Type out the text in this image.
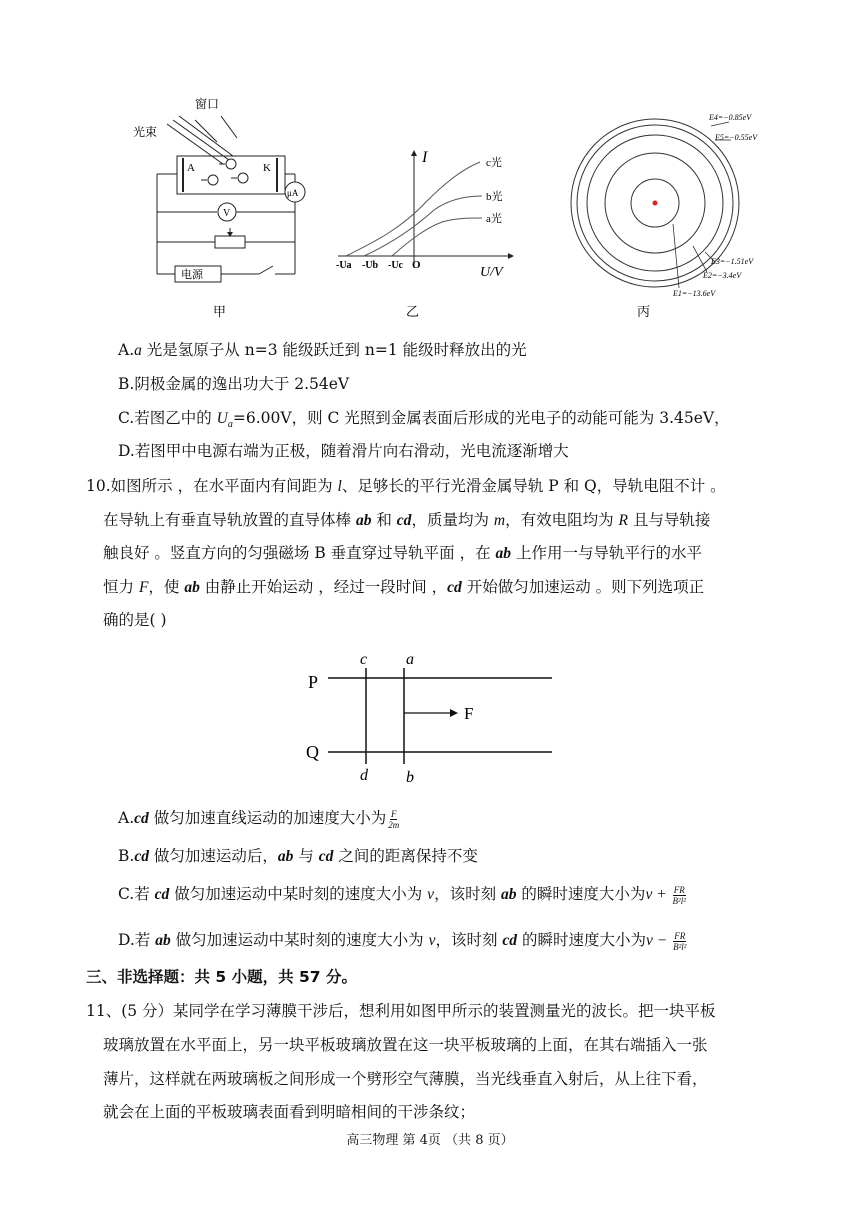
窗口
光束
A	K
μA
V
电源
甲
I
U/V
O
c光
b光
a光
-Ua -Ub -Uc
乙
E4=−0.85eV
E5=−0.55eV
E3=−1.51eV
E2=−3.4eV
E1=−13.6eV
丙
A.a 光是氢原子从 n=3 能级跃迁到 n=1 能级时释放出的光
B.阴极金属的逸出功大于 2.54eV
C.若图乙中的 $U_a=6.00V$，则 C 光照到金属表面后形成的光电子的动能可能为 3.45eV，
D.若图甲中电源右端为正极，随着滑片向右滑动，光电流逐渐增大
10.如图所示 ，在水平面内有间距为 l、足够长的平行光滑金属导轨 P 和 Q，导轨电阻不计 。
在导轨上有垂直导轨放置的直导体棒 ab 和 cd，质量均为 m，有效电阻均为 R 且与导轨接
触良好 。竖直方向的匀强磁场 B 垂直穿过导轨平面 ，在 ab 上作用一与导轨平行的水平
恒力 F，使 ab 由静止开始运动 ，经过一段时间 ，cd 开始做匀加速运动 。则下列选项正
确的是( )
P
Q
c a
d b
F
A.cd 做匀加速直线运动的加速度大小为 $\frac{F}{2m}$
B.cd 做匀加速运动后，ab 与 cd 之间的距离保持不变
C.若 cd 做匀加速运动中某时刻的速度大小为 v，该时刻 ab 的瞬时速度大小为$v + \frac{FR}{\text{B²l²}}$
D.若 ab 做匀加速运动中某时刻的速度大小为 v，该时刻 cd 的瞬时速度大小为$v - \frac{FR}{\text{B²l²}}$
三、非选择题：共 5 小题，共 57 分。
11、(5 分）某同学在学习薄膜干涉后，想利用如图甲所示的装置测量光的波长。把一块平板
玻璃放置在水平面上，另一块平板玻璃放置在这一块平板玻璃的上面，在其右端插入一张
薄片，这样就在两玻璃板之间形成一个劈形空气薄膜，当光线垂直入射后，从上往下看，
就会在上面的平板玻璃表面看到明暗相间的干涉条纹；
高三物理 第 4页 （共 8 页）
